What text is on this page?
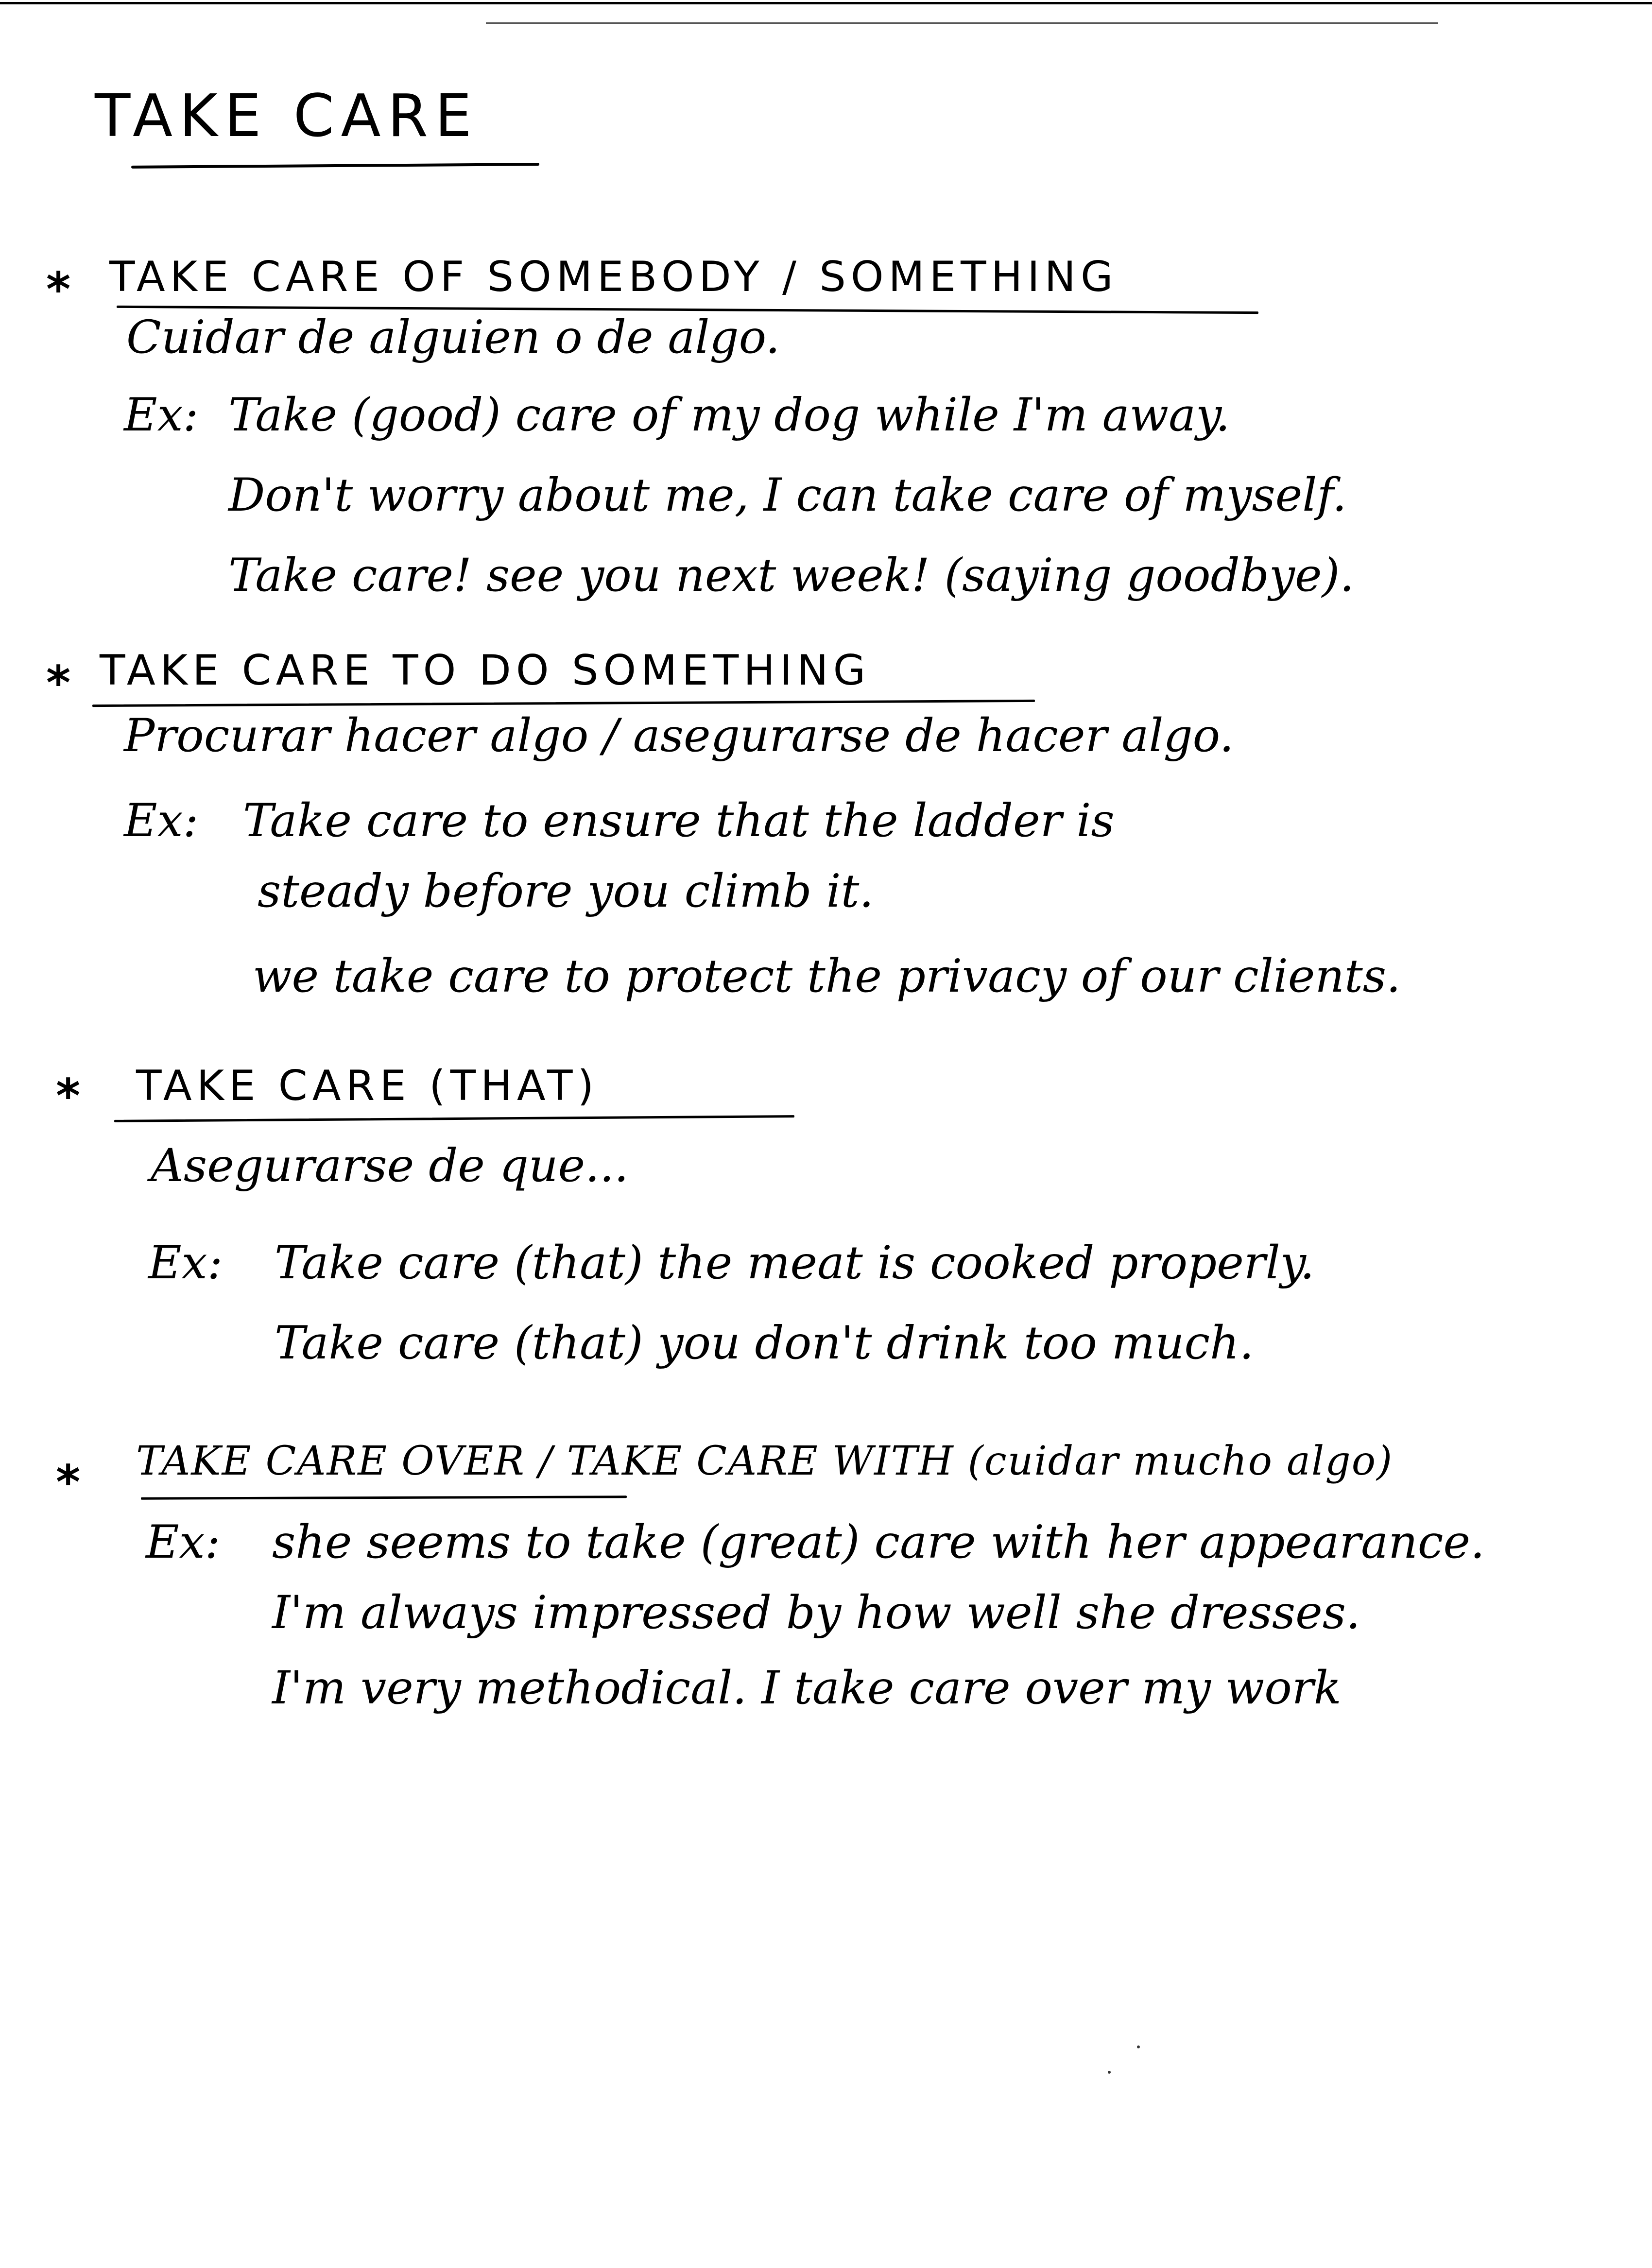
TAKE CARE
* TAKE CARE OF SOMEBODY / SOMETHING
Cuidar de alguien o de algo.
Ex: Take (good) care of my dog while I'm away.
Don't worry about me, I can take care of myself.
Take care! see you next week! (saying goodbye).
* TAKE CARE TO DO SOMETHING
Procurar hacer algo / asegurarse de hacer algo.
Ex: Take care to ensure that the ladder is
steady before you climb it.
we take care to protect the privacy of our clients.
* TAKE CARE (THAT)
Asegurarse de que...
Ex: Take care (that) the meat is cooked properly.
Take care (that) you don't drink too much.
* TAKE CARE OVER / TAKE CARE WITH (cuidar mucho algo)
Ex: she seems to take (great) care with her appearance.
I'm always impressed by how well she dresses.
I'm very methodical. I take care over my work
